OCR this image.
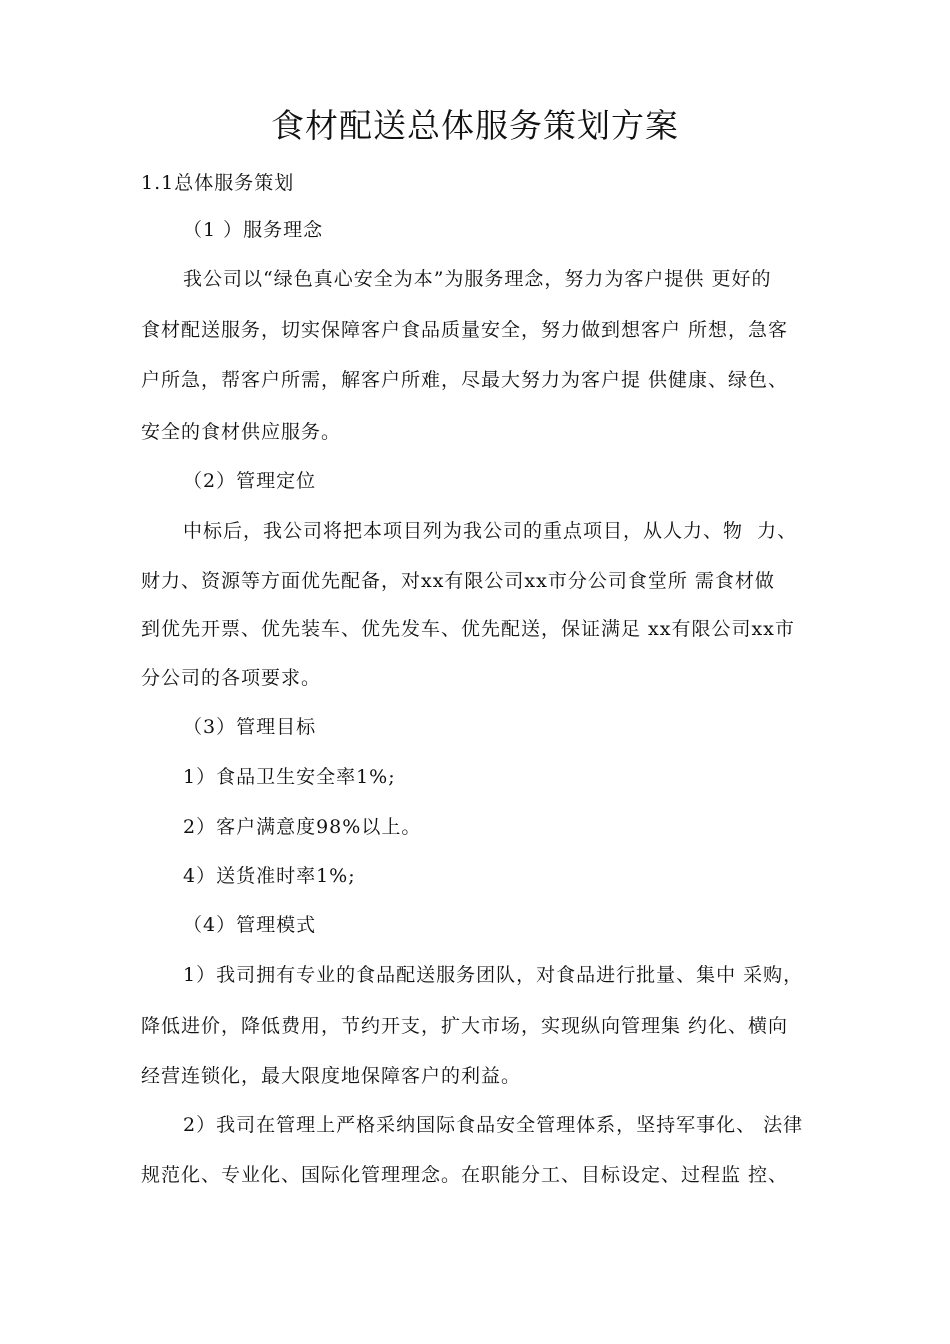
食材配送总体服务策划方案
1.1总体服务策划
（1 ）服务理念
我公司以“绿色真心安全为本”为服务理念，努力为客户提供 更好的
食材配送服务，切实保障客户食品质量安全，努力做到想客户 所想，急客
户所急，帮客户所需，解客户所难，尽最大努力为客户提 供健康、绿色、
安全的食材供应服务。
（2）管理定位
中标后，我公司将把本项目列为我公司的重点项目，从人力、物  力、
财力、资源等方面优先配备，对xx有限公司xx市分公司食堂所 需食材做
到优先开票、优先装车、优先发车、优先配送，保证满足 xx有限公司xx市
分公司的各项要求。
（3）管理目标
1）食品卫生安全率1%;
2）客户满意度98%以上。
4）送货准时率1%;
（4）管理模式
1）我司拥有专业的食品配送服务团队，对食品进行批量、集中 采购，
降低进价，降低费用，节约开支，扩大市场，实现纵向管理集 约化、横向
经营连锁化，最大限度地保障客户的利益。
2）我司在管理上严格采纳国际食品安全管理体系，坚持军事化、 法律
规范化、专业化、国际化管理理念。在职能分工、目标设定、过程监 控、
